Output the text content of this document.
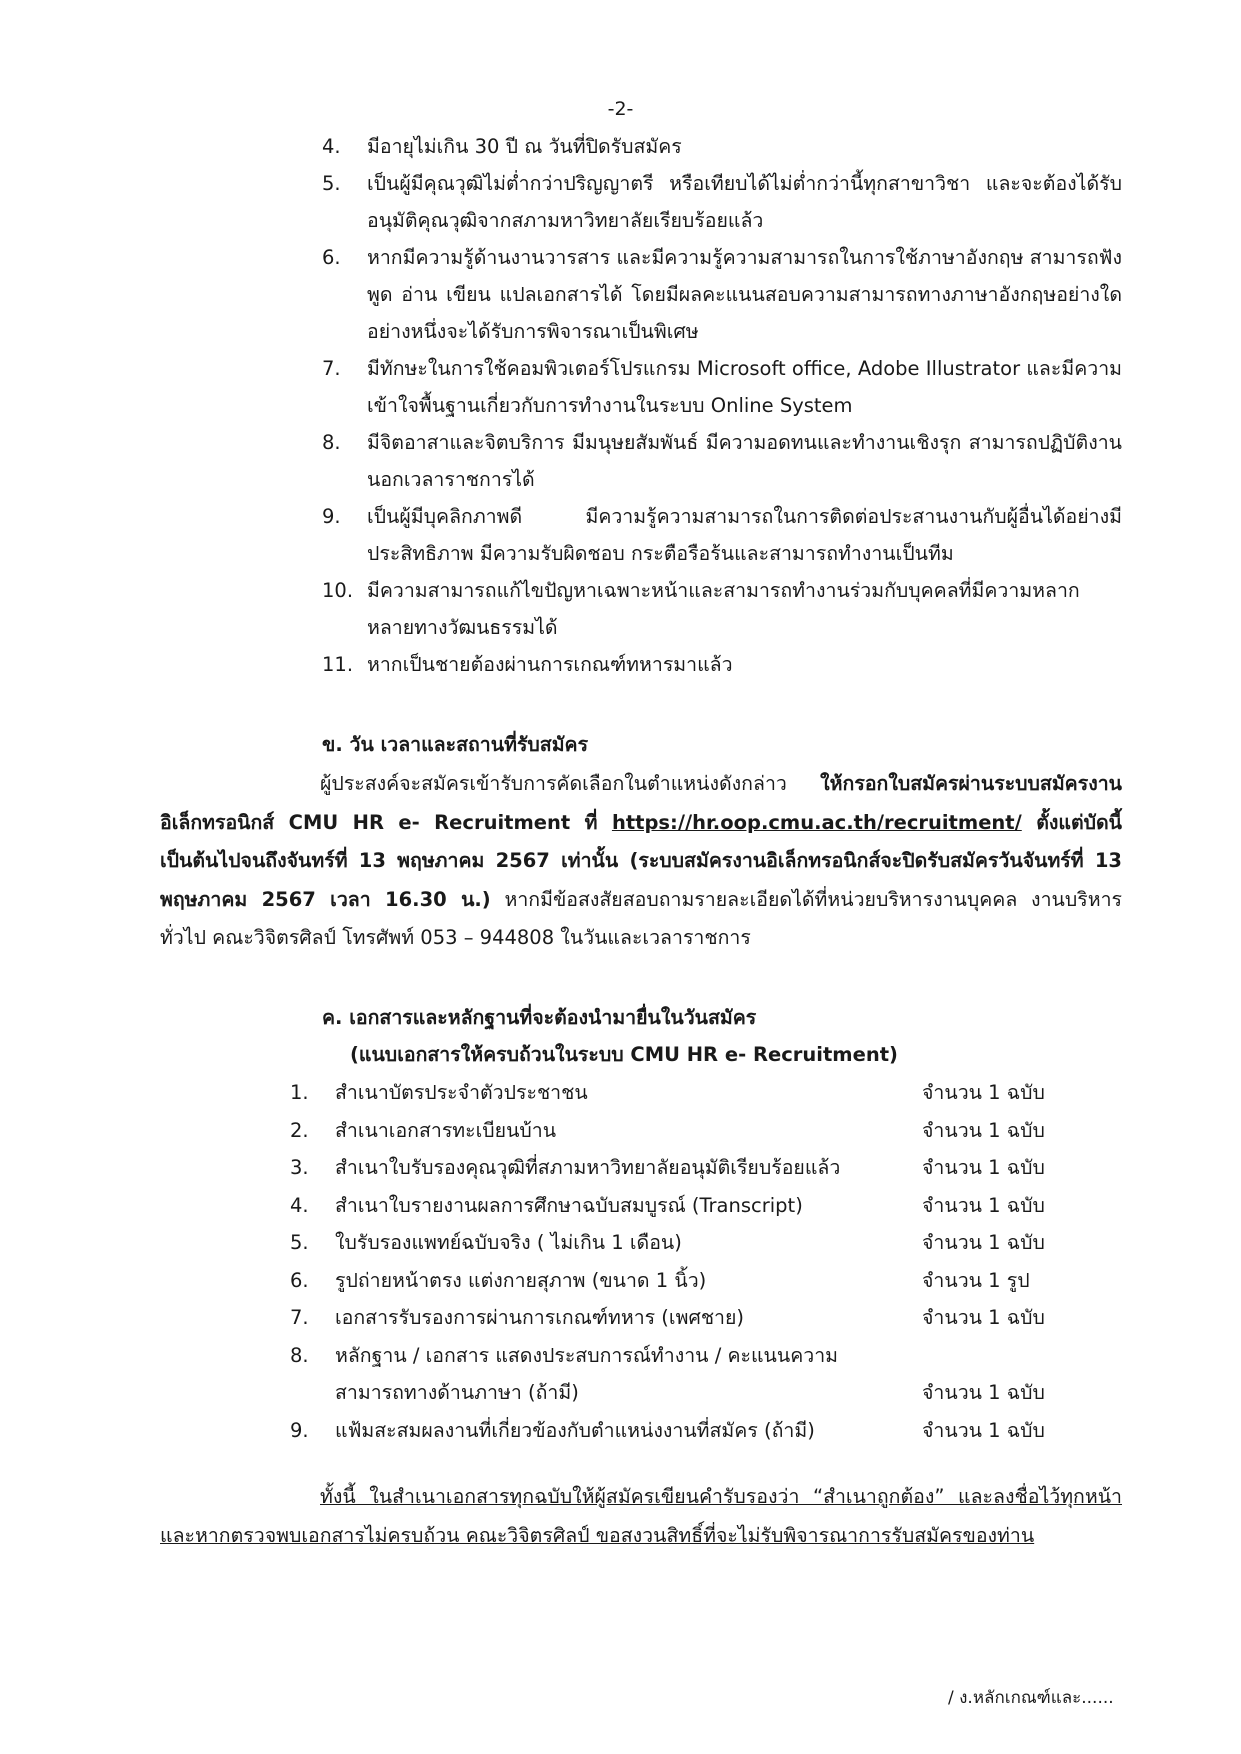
-2-
4.	มีอายุไม่เกิน 30 ปี ณ วันที่ปิดรับสมัคร
5.	เป็นผู้มีคุณวุฒิไม่ต่ำกว่าปริญญาตรี หรือเทียบได้ไม่ต่ำกว่านี้ทุกสาขาวิชา และจะต้องได้รับอนุมัติคุณวุฒิจากสภามหาวิทยาลัยเรียบร้อยแล้ว
6.	หากมีความรู้ด้านงานวารสาร และมีความรู้ความสามารถในการใช้ภาษาอังกฤษ สามารถฟัง พูด อ่าน เขียน แปลเอกสารได้ โดยมีผลคะแนนสอบความสามารถทางภาษาอังกฤษอย่างใดอย่างหนึ่งจะได้รับการพิจารณาเป็นพิเศษ
7.	มีทักษะในการใช้คอมพิวเตอร์โปรแกรม Microsoft office, Adobe Illustrator และมีความเข้าใจพื้นฐานเกี่ยวกับการทำงานในระบบ Online System
8.	มีจิตอาสาและจิตบริการ มีมนุษยสัมพันธ์ มีความอดทนและทำงานเชิงรุก สามารถปฏิบัติงานนอกเวลาราชการได้
9.	เป็นผู้มีบุคลิกภาพดี มีความรู้ความสามารถในการติดต่อประสานงานกับผู้อื่นได้อย่างมีประสิทธิภาพ มีความรับผิดชอบ กระตือรือร้นและสามารถทำงานเป็นทีม
10. มีความสามารถแก้ไขปัญหาเฉพาะหน้าและสามารถทำงานร่วมกับบุคคลที่มีความหลากหลายทางวัฒนธรรมได้
11. หากเป็นชายต้องผ่านการเกณฑ์ทหารมาแล้ว
ข. วัน เวลาและสถานที่รับสมัคร

ผู้ประสงค์จะสมัครเข้ารับการคัดเลือกในตำแหน่งดังกล่าว ให้กรอกใบสมัครผ่านระบบสมัครงานอิเล็กทรอนิกส์ CMU HR e- Recruitment ที่ https://hr.oop.cmu.ac.th/recruitment/ ตั้งแต่บัดนี้เป็นต้นไปจนถึงจันทร์ที่ 13 พฤษภาคม 2567 เท่านั้น (ระบบสมัครงานอิเล็กทรอนิกส์จะปิดรับสมัครวันจันทร์ที่ 13 พฤษภาคม 2567 เวลา 16.30 น.) หากมีข้อสงสัยสอบถามรายละเอียดได้ที่หน่วยบริหารงานบุคคล งานบริหารทั่วไป คณะวิจิตรศิลป์ โทรศัพท์ 053 – 944808 ในวันและเวลาราชการ

ค. เอกสารและหลักฐานที่จะต้องนำมายื่นในวันสมัคร
(แนบเอกสารให้ครบถ้วนในระบบ CMU HR e- Recruitment)
1. สำเนาบัตรประจำตัวประชาชน	จำนวน 1 ฉบับ
2. สำเนาเอกสารทะเบียนบ้าน	จำนวน 1 ฉบับ
3. สำเนาใบรับรองคุณวุฒิที่สภามหาวิทยาลัยอนุมัติเรียบร้อยแล้ว	จำนวน 1 ฉบับ
4. สำเนาใบรายงานผลการศึกษาฉบับสมบูรณ์ (Transcript)	จำนวน 1 ฉบับ
5. ใบรับรองแพทย์ฉบับจริง ( ไม่เกิน 1 เดือน)	จำนวน 1 ฉบับ
6. รูปถ่ายหน้าตรง แต่งกายสุภาพ (ขนาด 1 นิ้ว)	จำนวน 1 รูป
7. เอกสารรับรองการผ่านการเกณฑ์ทหาร (เพศชาย)	จำนวน 1 ฉบับ
8. หลักฐาน / เอกสาร แสดงประสบการณ์ทำงาน / คะแนนความสามารถทางด้านภาษา (ถ้ามี)	จำนวน 1 ฉบับ
9. แฟ้มสะสมผลงานที่เกี่ยวข้องกับตำแหน่งงานที่สมัคร (ถ้ามี)	จำนวน 1 ฉบับ
ทั้งนี้ ในสำเนาเอกสารทุกฉบับให้ผู้สมัครเขียนคำรับรองว่า “สำเนาถูกต้อง” และลงชื่อไว้ทุกหน้า และหากตรวจพบเอกสารไม่ครบถ้วน คณะวิจิตรศิลป์ ขอสงวนสิทธิ์ที่จะไม่รับพิจารณาการรับสมัครของท่าน
/ ง.หลักเกณฑ์และ......
